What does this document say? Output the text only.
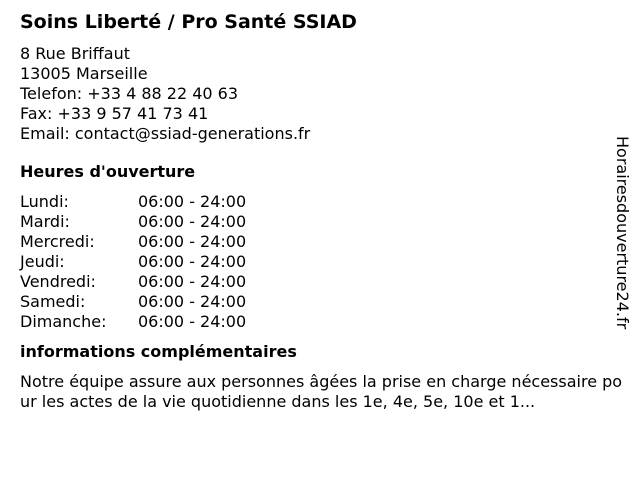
Soins Liberté / Pro Santé SSIAD
8 Rue Briffaut
13005 Marseille
Telefon: +33 4 88 22 40 63
Fax: +33 9 57 41 73 41
Email: contact@ssiad-generations.fr
Heures d'ouverture
Lundi:	06:00 - 24:00
Mardi:	06:00 - 24:00
Mercredi:	06:00 - 24:00
Jeudi:	06:00 - 24:00
Vendredi:	06:00 - 24:00
Samedi:	06:00 - 24:00
Dimanche:	06:00 - 24:00
informations complémentaires
Notre équipe assure aux personnes âgées la prise en charge nécessaire pour les actes de la vie quotidienne dans les 1e, 4e, 5e, 10e et 1...
Horairesdouverture24.fr
